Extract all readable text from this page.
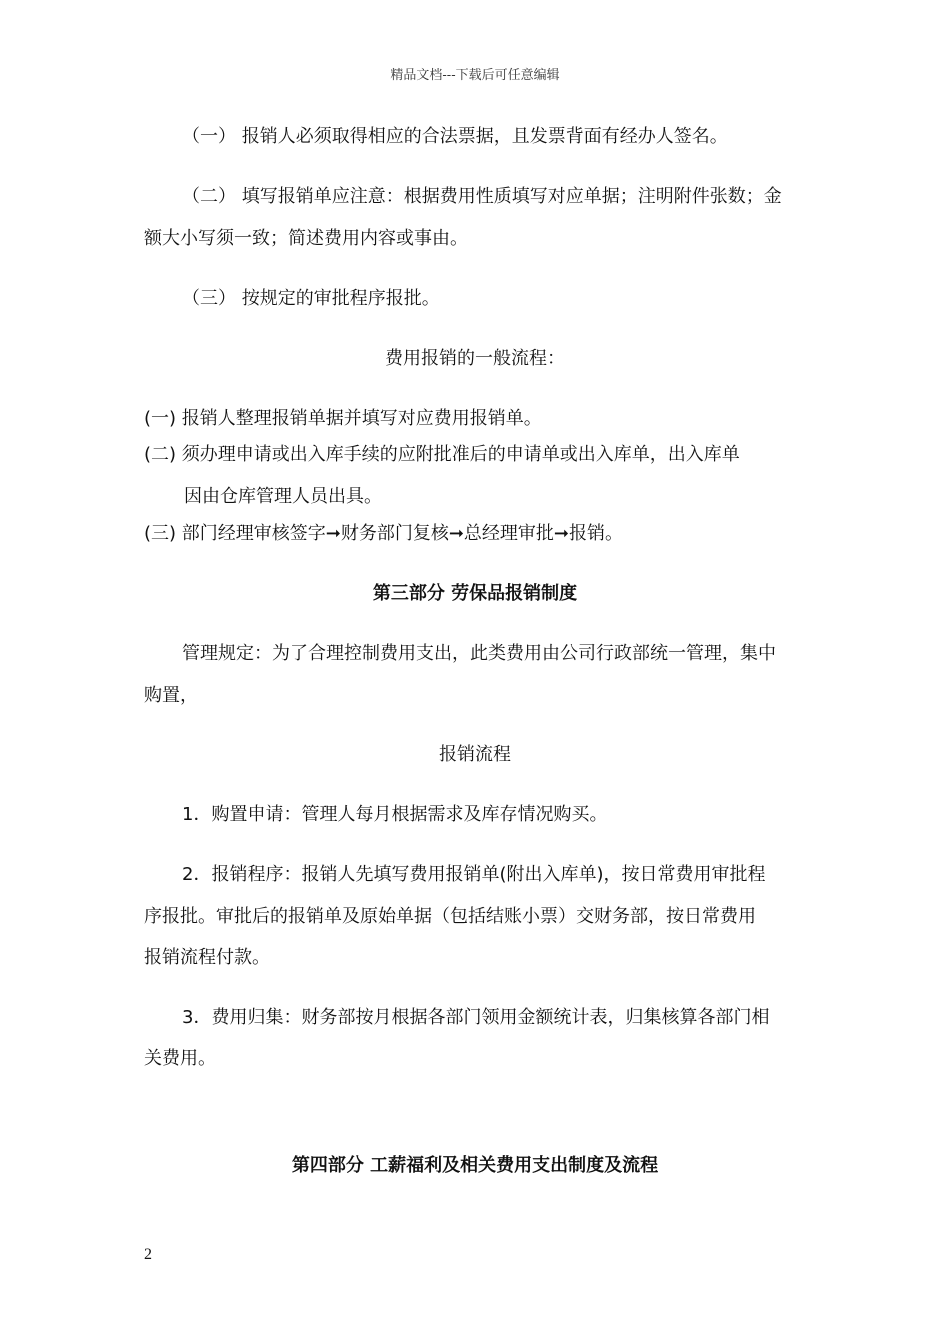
精品文档---下载后可任意编辑
（一） 报销人必须取得相应的合法票据，且发票背面有经办人签名。
（二） 填写报销单应注意：根据费用性质填写对应单据；注明附件张数；金
额大小写须一致；简述费用内容或事由。
（三） 按规定的审批程序报批。
费用报销的一般流程：
(一) 报销人整理报销单据并填写对应费用报销单。
(二) 须办理申请或出入库手续的应附批准后的申请单或出入库单，出入库单
因由仓库管理人员出具。
(三) 部门经理审核签字➞财务部门复核➞总经理审批➞报销。
第三部分 劳保品报销制度
管理规定：为了合理控制费用支出，此类费用由公司行政部统一管理，集中
购置，
报销流程
1．购置申请：管理人每月根据需求及库存情况购买。
2．报销程序：报销人先填写费用报销单(附出入库单)，按日常费用审批程
序报批。审批后的报销单及原始单据（包括结账小票）交财务部，按日常费用
报销流程付款。
3．费用归集：财务部按月根据各部门领用金额统计表，归集核算各部门相
关费用。
第四部分 工薪福利及相关费用支出制度及流程
2
